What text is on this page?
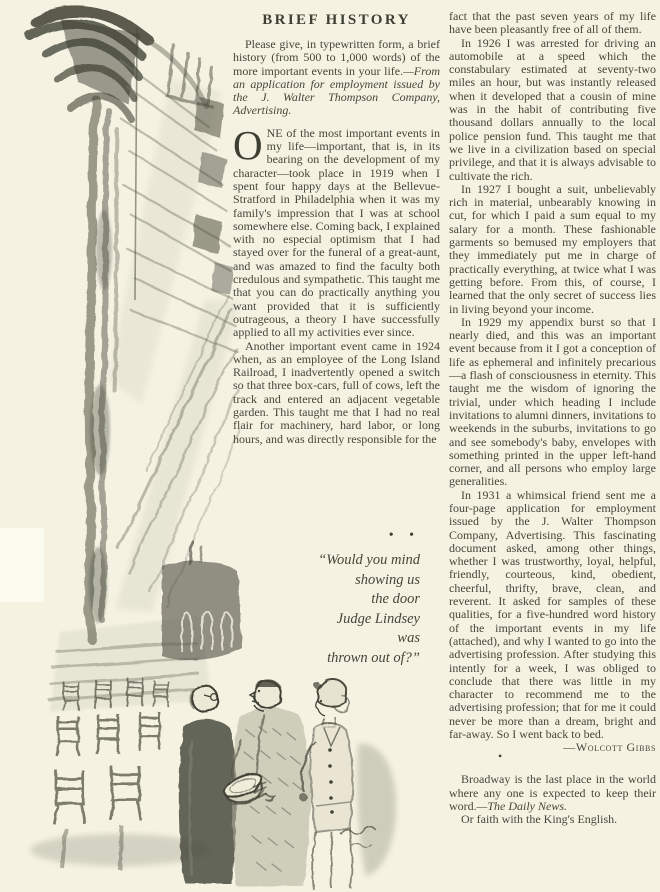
BRIEF HISTORY

Please give, in typewritten form, a brief history (from 500 to 1,000 words) of the more important events in your life.—From an application for employment issued by the J. Walter Thompson Company, Advertising.

ONE of the most important events in my life—important, that is, in its bearing on the development of my character—took place in 1919 when I spent four happy days at the Bellevue-Stratford in Philadelphia when it was my family's impression that I was at school somewhere else. Coming back, I explained with no especial optimism that I had stayed over for the funeral of a great-aunt, and was amazed to find the faculty both credulous and sympathetic. This taught me that you can do practically anything you want provided that it is sufficiently outrageous, a theory I have successfully applied to all my activities ever since.

Another important event came in 1924 when, as an employee of the Long Island Railroad, I inadvertently opened a switch so that three box-cars, full of cows, left the track and entered an adjacent vegetable garden. This taught me that I had no real flair for machinery, hard labor, or long hours, and was directly responsible for the

• •
“Would you mind
showing us
the door
Judge Lindsey
was
thrown out of?”

fact that the past seven years of my life have been pleasantly free of all of them.

In 1926 I was arrested for driving an automobile at a speed which the constabulary estimated at seventy-two miles an hour, but was instantly released when it developed that a cousin of mine was in the habit of contributing five thousand dollars annually to the local police pension fund. This taught me that we live in a civilization based on special privilege, and that it is always advisable to cultivate the rich.

In 1927 I bought a suit, unbelievably rich in material, unbearably knowing in cut, for which I paid a sum equal to my salary for a month. These fashionable garments so bemused my employers that they immediately put me in charge of practically everything, at twice what I was getting before. From this, of course, I learned that the only secret of success lies in living beyond your income.

In 1929 my appendix burst so that I nearly died, and this was an important event because from it I got a conception of life as ephemeral and infinitely precarious—a flash of consciousness in eternity. This taught me the wisdom of ignoring the trivial, under which heading I include invitations to alumni dinners, invitations to weekends in the suburbs, invitations to go and see somebody's baby, envelopes with something printed in the upper left-hand corner, and all persons who employ large generalities.

In 1931 a whimsical friend sent me a four-page application for employment issued by the J. Walter Thompson Company, Advertising. This fascinating document asked, among other things, whether I was trustworthy, loyal, helpful, friendly, courteous, kind, obedient, cheerful, thrifty, brave, clean, and reverent. It asked for samples of these qualities, for a five-hundred word history of the important events in my life (attached), and why I wanted to go into the advertising profession. After studying this intently for a week, I was obliged to conclude that there was little in my character to recommend me to the advertising profession; that for me it could never be more than a dream, bright and far-away. So I went back to bed.
—Wolcott Gibbs

•

Broadway is the last place in the world where any one is expected to keep their word.—The Daily News.

Or faith with the King's English.
